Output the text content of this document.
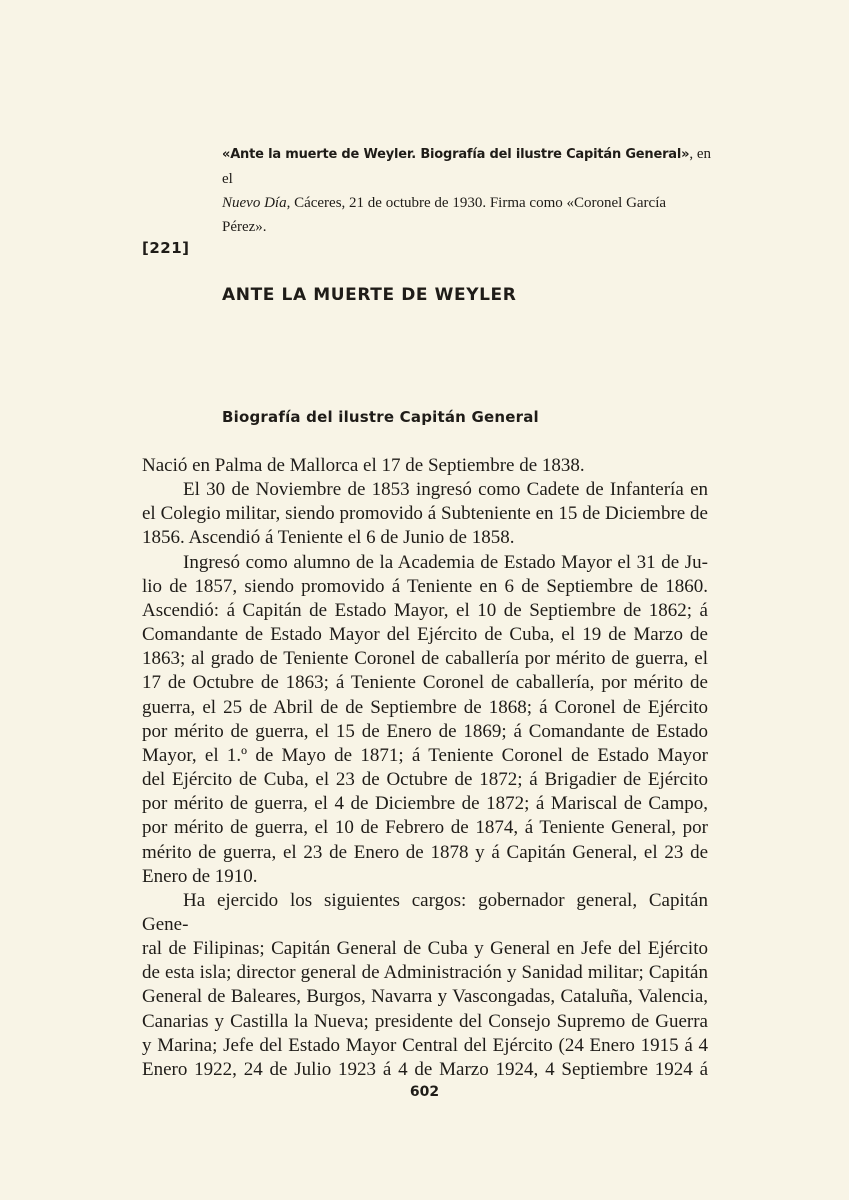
«Ante la muerte de Weyler. Biografía del ilustre Capitán General», en el
Nuevo Día, Cáceres, 21 de octubre de 1930. Firma como «Coronel García Pérez».
[221]
ANTE LA MUERTE DE WEYLER
Biografía del ilustre Capitán General

Nació en Palma de Mallorca el 17 de Septiembre de 1838.

El 30 de Noviembre de 1853 ingresó como Cadete de Infantería en

el Colegio militar, siendo promovido á Subteniente en 15 de Diciembre de

1856. Ascendió á Teniente el 6 de Junio de 1858.

Ingresó como alumno de la Academia de Estado Mayor el 31 de Ju-

lio de 1857, siendo promovido á Teniente en 6 de Septiembre de 1860.

Ascendió: á Capitán de Estado Mayor, el 10 de Septiembre de 1862; á

Comandante de Estado Mayor del Ejército de Cuba, el 19 de Marzo de

1863; al grado de Teniente Coronel de caballería por mérito de guerra, el

17 de Octubre de 1863; á Teniente Coronel de caballería, por mérito de

guerra, el 25 de Abril de de Septiembre de 1868; á Coronel de Ejército

por mérito de guerra, el 15 de Enero de 1869; á Comandante de Estado

Mayor, el 1.º de Mayo de 1871; á Teniente Coronel de Estado Mayor

del Ejército de Cuba, el 23 de Octubre de 1872; á Brigadier de Ejército

por mérito de guerra, el 4 de Diciembre de 1872; á Mariscal de Campo,

por mérito de guerra, el 10 de Febrero de 1874, á Teniente General, por

mérito de guerra, el 23 de Enero de 1878 y á Capitán General, el 23 de

Enero de 1910.

Ha ejercido los siguientes cargos: gobernador general, Capitán Gene-

ral de Filipinas; Capitán General de Cuba y General en Jefe del Ejército

de esta isla; director general de Administración y Sanidad militar; Capitán

General de Baleares, Burgos, Navarra y Vascongadas, Cataluña, Valencia,

Canarias y Castilla la Nueva; presidente del Consejo Supremo de Guerra

y Marina; Jefe del Estado Mayor Central del Ejército (24 Enero 1915 á 4

Enero 1922, 24 de Julio 1923 á 4 de Marzo 1924, 4 Septiembre 1924 á

602
